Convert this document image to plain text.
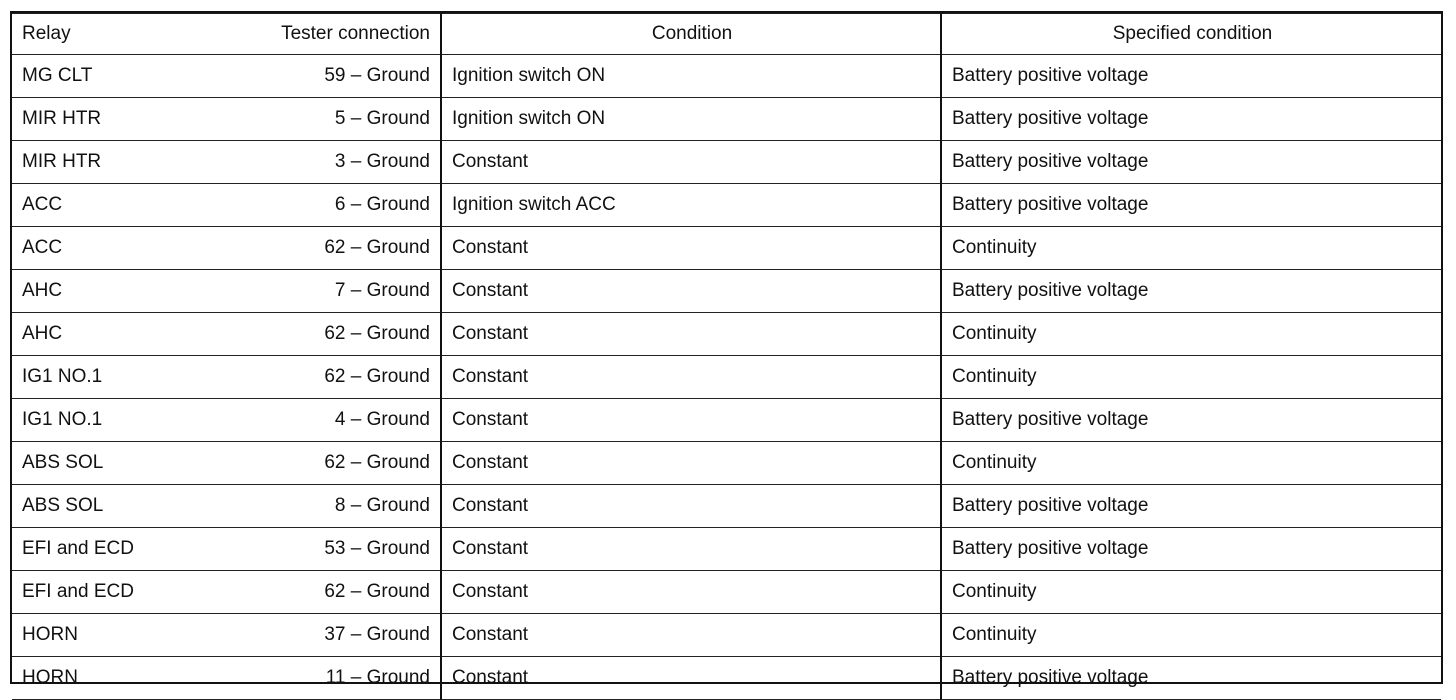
Relay	Tester connection	Condition	Specified condition
MG CLT	59 – Ground	Ignition switch ON	Battery positive voltage
MIR HTR	5 – Ground	Ignition switch ON	Battery positive voltage
MIR HTR	3 – Ground	Constant	Battery positive voltage
ACC	6 – Ground	Ignition switch ACC	Battery positive voltage
ACC	62 – Ground	Constant	Continuity
AHC	7 – Ground	Constant	Battery positive voltage
AHC	62 – Ground	Constant	Continuity
IG1 NO.1	62 – Ground	Constant	Continuity
IG1 NO.1	4 – Ground	Constant	Battery positive voltage
ABS SOL	62 – Ground	Constant	Continuity
ABS SOL	8 – Ground	Constant	Battery positive voltage
EFI and ECD	53 – Ground	Constant	Battery positive voltage
EFI and ECD	62 – Ground	Constant	Continuity
HORN	37 – Ground	Constant	Continuity
HORN	11 – Ground	Constant	Battery positive voltage
